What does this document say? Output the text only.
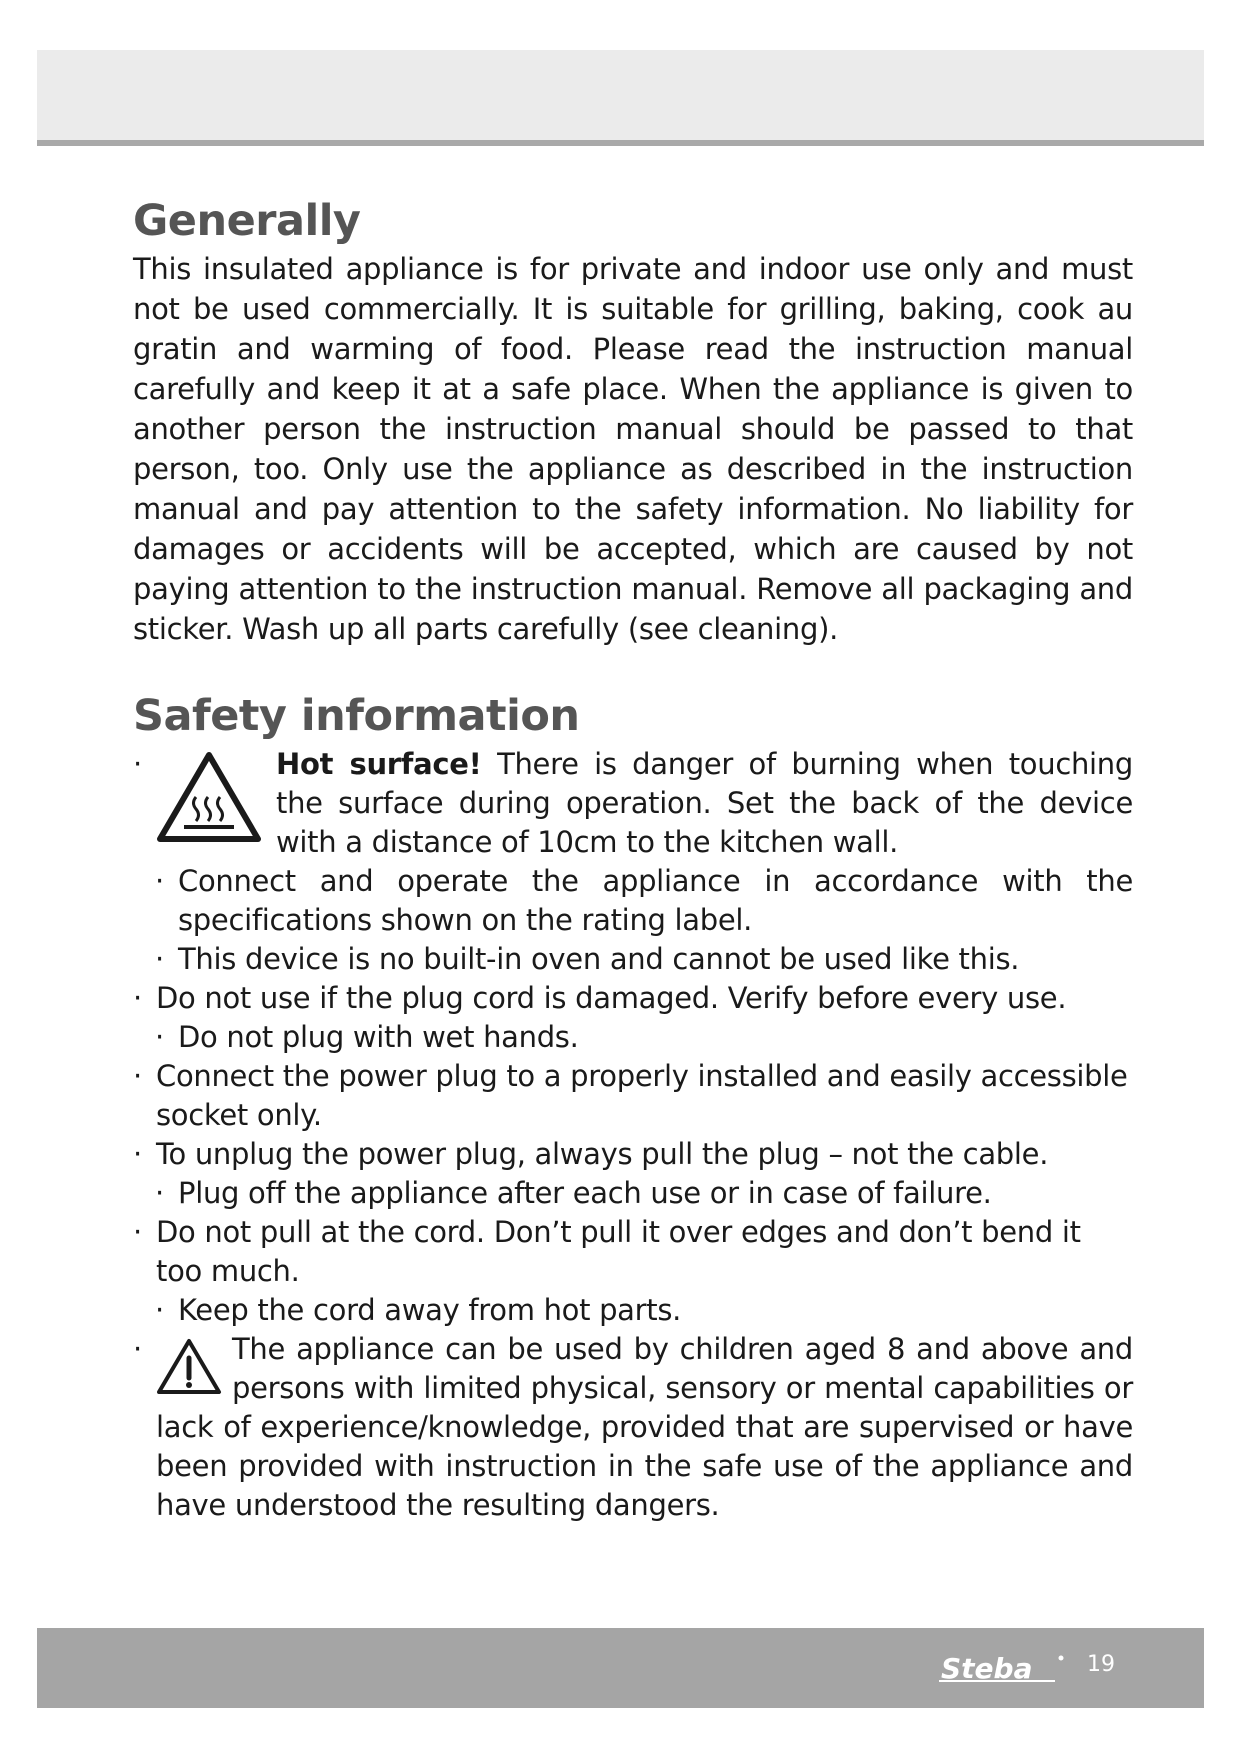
Generally

This insulated appliance is for private and indoor use only and must not be used commercially. It is suitable for grilling, baking, cook au gratin and warming of food. Please read the instruction manual carefully and keep it at a safe place. When the appliance is given to another person the instruction manual should be passed to that person, too. Only use the appliance as described in the instruction manual and pay attention to the safety information. No liability for damages or accidents will be accepted, which are caused by not paying attention to the instruction manual. Remove all packaging and sticker. Wash up all parts carefully (see cleaning).

Safety information
·	Hot surface! There is danger of burning when touching the surface during operation. Set the back of the device with a distance of 10cm to the kitchen wall.
· Connect and operate the appliance in accordance with the specifications shown on the rating label.
· This device is no built-in oven and cannot be used like this.
· Do not use if the plug cord is damaged. Verify before every use.
· Do not plug with wet hands.
· Connect the power plug to a properly installed and easily accessible socket only.
· To unplug the power plug, always pull the plug – not the cable.
· Plug off the appliance after each use or in case of failure.
· Do not pull at the cord. Don’t pull it over edges and don’t bend it too much.
· Keep the cord away from hot parts.
·	The appliance can be used by children aged 8 and above and persons with limited physical, sensory or mental capabilities or lack of experience/knowledge, provided that are supervised or have been provided with instruction in the safe use of the appliance and have understood the resulting dangers.
Steba 19
